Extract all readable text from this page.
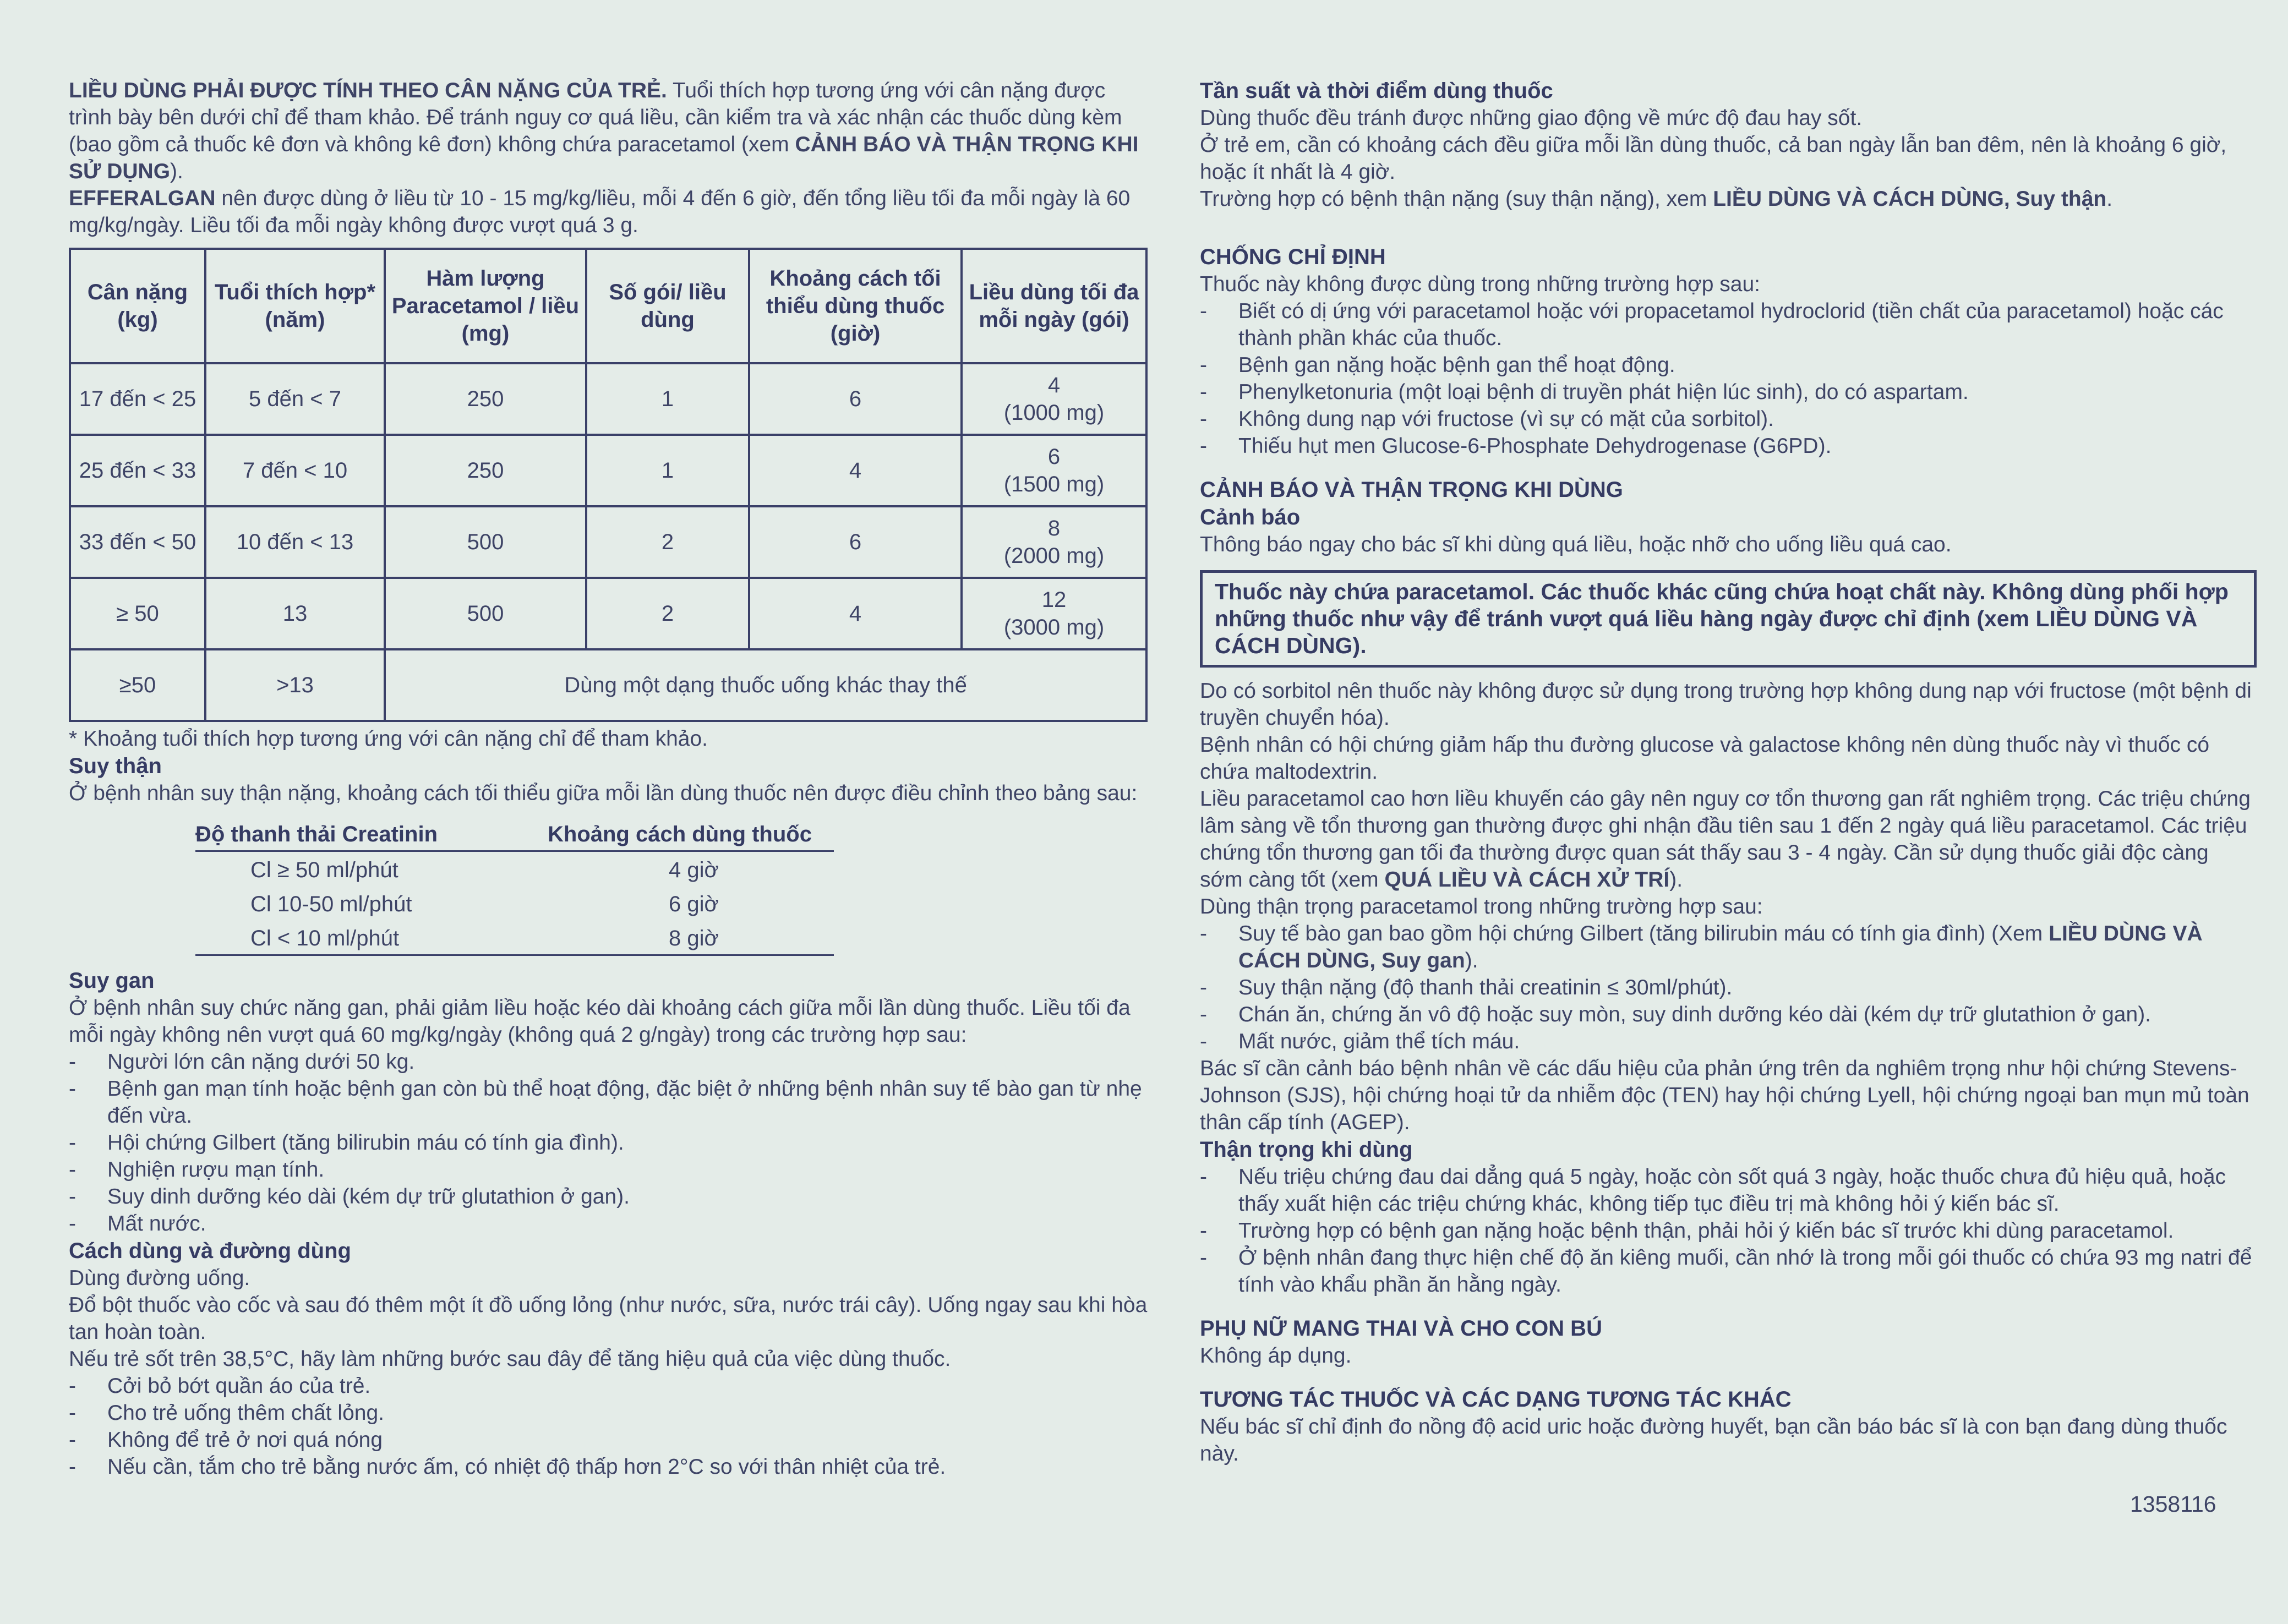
LIỀU DÙNG PHẢI ĐƯỢC TÍNH THEO CÂN NẶNG CỦA TRẺ. Tuổi thích hợp tương ứng với cân nặng được trình bày bên dưới chỉ để tham khảo. Để tránh nguy cơ quá liều, cần kiểm tra và xác nhận các thuốc dùng kèm (bao gồm cả thuốc kê đơn và không kê đơn) không chứa paracetamol (xem CẢNH BÁO VÀ THẬN TRỌNG KHI SỬ DỤNG).

EFFERALGAN nên được dùng ở liều từ 10 - 15 mg/kg/liều, mỗi 4 đến 6 giờ, đến tổng liều tối đa mỗi ngày là 60 mg/kg/ngày. Liều tối đa mỗi ngày không được vượt quá 3 g.

Cân nặng (kg)	Tuổi thích hợp* (năm)	Hàm lượng Paracetamol / liều (mg)	Số gói/ liều dùng	Khoảng cách tối thiểu dùng thuốc (giờ)	Liều dùng tối đa mỗi ngày (gói)
17 đến < 25	5 đến < 7	250	1	6	4
(1000 mg)

25 đến < 33	7 đến < 10	250	1	4	6
(1500 mg)

33 đến < 50	10 đến < 13	500	2	6	8
(2000 mg)

≥ 50	13	500	2	4	12
(3000 mg)

≥50	>13	Dùng một dạng thuốc uống khác thay thế			

* Khoảng tuổi thích hợp tương ứng với cân nặng chỉ để tham khảo.

Suy thận

Ở bệnh nhân suy thận nặng, khoảng cách tối thiểu giữa mỗi lần dùng thuốc nên được điều chỉnh theo bảng sau:

Độ thanh thải Creatinin	Khoảng cách dùng thuốc
Cl ≥ 50 ml/phút	4 giờ
Cl 10-50 ml/phút	6 giờ
Cl < 10 ml/phút	8 giờ

Suy gan

Ở bệnh nhân suy chức năng gan, phải giảm liều hoặc kéo dài khoảng cách giữa mỗi lần dùng thuốc. Liều tối đa mỗi ngày không nên vượt quá 60 mg/kg/ngày (không quá 2 g/ngày) trong các trường hợp sau:

-	Người lớn cân nặng dưới 50 kg.
-	Bệnh gan mạn tính hoặc bệnh gan còn bù thể hoạt động, đặc biệt ở những bệnh nhân suy tế bào gan từ nhẹ đến vừa.
-	Hội chứng Gilbert (tăng bilirubin máu có tính gia đình).
-	Nghiện rượu mạn tính.
-	Suy dinh dưỡng kéo dài (kém dự trữ glutathion ở gan).
-	Mất nước.

Cách dùng và đường dùng

Dùng đường uống.

Đổ bột thuốc vào cốc và sau đó thêm một ít đồ uống lỏng (như nước, sữa, nước trái cây). Uống ngay sau khi hòa tan hoàn toàn.

Nếu trẻ sốt trên 38,5°C, hãy làm những bước sau đây để tăng hiệu quả của việc dùng thuốc.

-	Cởi bỏ bớt quần áo của trẻ.
-	Cho trẻ uống thêm chất lỏng.
-	Không để trẻ ở nơi quá nóng
-	Nếu cần, tắm cho trẻ bằng nước ấm, có nhiệt độ thấp hơn 2°C so với thân nhiệt của trẻ.

Tần suất và thời điểm dùng thuốc

Dùng thuốc đều tránh được những giao động về mức độ đau hay sốt.

Ở trẻ em, cần có khoảng cách đều giữa mỗi lần dùng thuốc, cả ban ngày lẫn ban đêm, nên là khoảng 6 giờ, hoặc ít nhất là 4 giờ.

Trường hợp có bệnh thận nặng (suy thận nặng), xem LIỀU DÙNG VÀ CÁCH DÙNG, Suy thận.

CHỐNG CHỈ ĐỊNH

Thuốc này không được dùng trong những trường hợp sau:

-	Biết có dị ứng với paracetamol hoặc với propacetamol hydroclorid (tiền chất của paracetamol) hoặc các thành phần khác của thuốc.
-	Bệnh gan nặng hoặc bệnh gan thể hoạt động.
-	Phenylketonuria (một loại bệnh di truyền phát hiện lúc sinh), do có aspartam.
-	Không dung nạp với fructose (vì sự có mặt của sorbitol).
-	Thiếu hụt men Glucose-6-Phosphate Dehydrogenase (G6PD).

CẢNH BÁO VÀ THẬN TRỌNG KHI DÙNG

Cảnh báo

Thông báo ngay cho bác sĩ khi dùng quá liều, hoặc nhỡ cho uống liều quá cao.

Thuốc này chứa paracetamol. Các thuốc khác cũng chứa hoạt chất này. Không dùng phối hợp những thuốc như vậy để tránh vượt quá liều hàng ngày được chỉ định (xem LIỀU DÙNG VÀ CÁCH DÙNG).

Do có sorbitol nên thuốc này không được sử dụng trong trường hợp không dung nạp với fructose (một bệnh di truyền chuyển hóa).

Bệnh nhân có hội chứng giảm hấp thu đường glucose và galactose không nên dùng thuốc này vì thuốc có chứa maltodextrin.

Liều paracetamol cao hơn liều khuyến cáo gây nên nguy cơ tổn thương gan rất nghiêm trọng. Các triệu chứng lâm sàng về tổn thương gan thường được ghi nhận đầu tiên sau 1 đến 2 ngày quá liều paracetamol. Các triệu chứng tổn thương gan tối đa thường được quan sát thấy sau 3 - 4 ngày. Cần sử dụng thuốc giải độc càng sớm càng tốt (xem QUÁ LIỀU VÀ CÁCH XỬ TRÍ).

Dùng thận trọng paracetamol trong những trường hợp sau:

-	Suy tế bào gan bao gồm hội chứng Gilbert (tăng bilirubin máu có tính gia đình) (Xem LIỀU DÙNG VÀ CÁCH DÙNG, Suy gan).
-	Suy thận nặng (độ thanh thải creatinin ≤ 30ml/phút).
-	Chán ăn, chứng ăn vô độ hoặc suy mòn, suy dinh dưỡng kéo dài (kém dự trữ glutathion ở gan).
-	Mất nước, giảm thể tích máu.

Bác sĩ cần cảnh báo bệnh nhân về các dấu hiệu của phản ứng trên da nghiêm trọng như hội chứng Stevens-Johnson (SJS), hội chứng hoại tử da nhiễm độc (TEN) hay hội chứng Lyell, hội chứng ngoại ban mụn mủ toàn thân cấp tính (AGEP).

Thận trọng khi dùng

-	Nếu triệu chứng đau dai dẳng quá 5 ngày, hoặc còn sốt quá 3 ngày, hoặc thuốc chưa đủ hiệu quả, hoặc thấy xuất hiện các triệu chứng khác, không tiếp tục điều trị mà không hỏi ý kiến bác sĩ.
-	Trường hợp có bệnh gan nặng hoặc bệnh thận, phải hỏi ý kiến bác sĩ trước khi dùng paracetamol.
-	Ở bệnh nhân đang thực hiện chế độ ăn kiêng muối, cần nhớ là trong mỗi gói thuốc có chứa 93 mg natri để tính vào khẩu phần ăn hằng ngày.

PHỤ NỮ MANG THAI VÀ CHO CON BÚ

Không áp dụng.

TƯƠNG TÁC THUỐC VÀ CÁC DẠNG TƯƠNG TÁC KHÁC

Nếu bác sĩ chỉ định đo nồng độ acid uric hoặc đường huyết, bạn cần báo bác sĩ là con bạn đang dùng thuốc này.

1358116
